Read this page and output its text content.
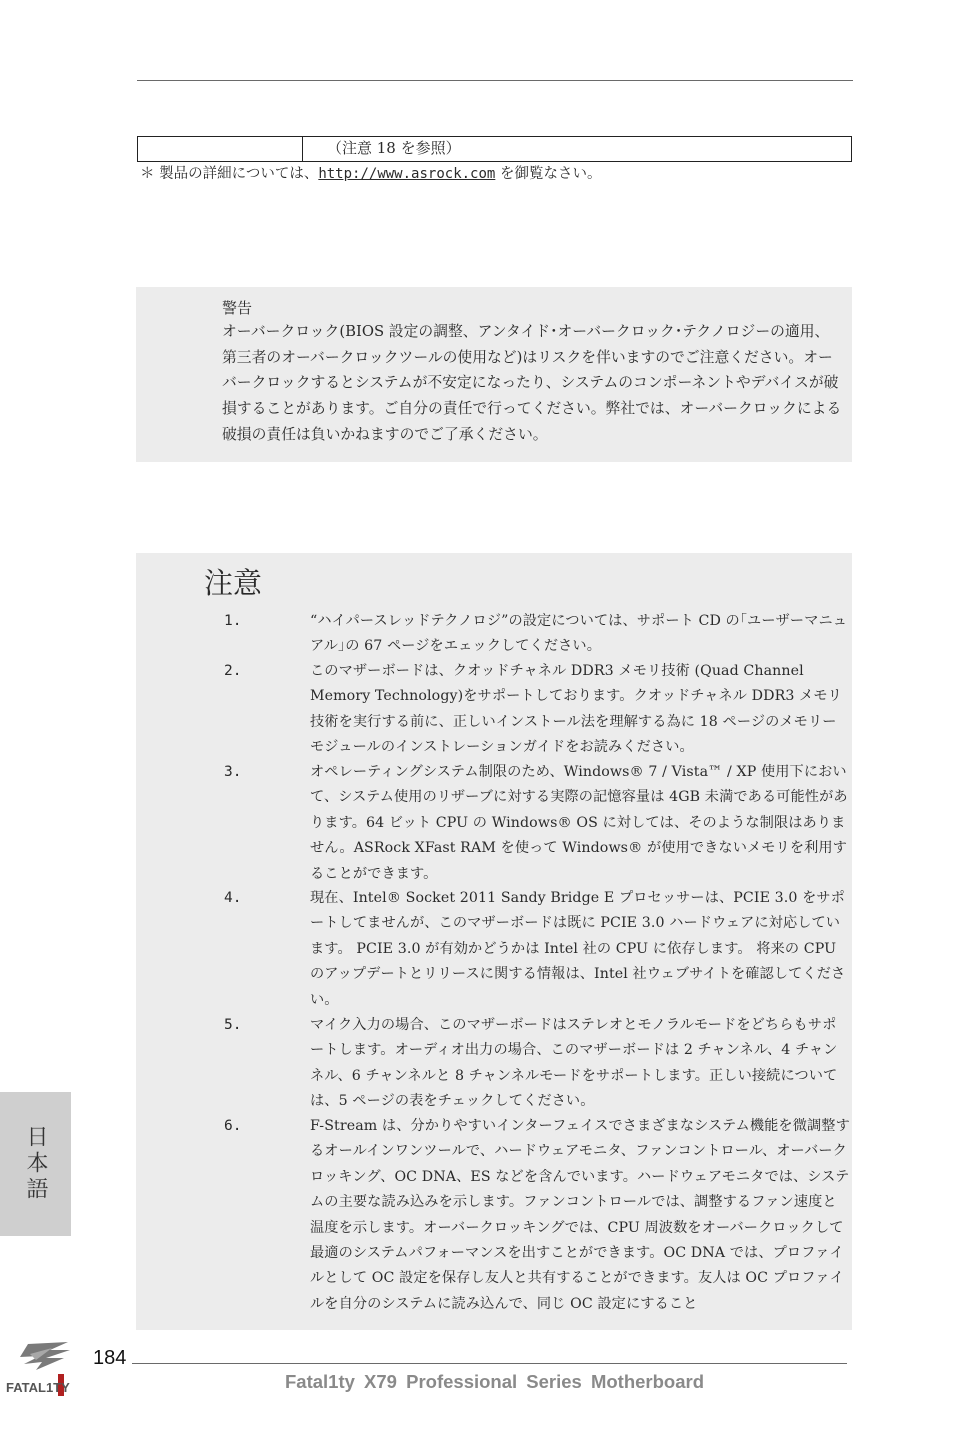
（注意 18 を参照）
＊ 製品の詳細については、http://www.asrock.com を御覧なさい。
警告

オーバークロック(BIOS 設定の調整、アンタイド･オーバークロック･テクノロジーの適用、第三者のオーバークロックツールの使用など)はリスクを伴いますのでご注意ください。オーバークロックするとシステムが不安定になったり、システムのコンポーネントやデバイスが破損することがあります。ご自分の責任で行ってください。弊社では、オーバークロックによる破損の責任は負いかねますのでご了承ください。

注意
1.	“ハイパースレッドテクノロジ”の設定については、サポート CD の｢ユーザーマニュアル｣の 67 ページをエェックしてください。

2.	このマザーボードは、クオッドチャネル DDR3 メモリ技術 (Quad Channel Memory Technology)をサポートしております。クオッドチャネル DDR3 メモリ技術を実行する前に、正しいインストール法を理解する為に 18 ページのメモリーモジュールのインストレーションガイドをお読みください。

3.	オペレーティングシステム制限のため、Windows® 7 / Vista™ / XP 使用下において、システム使用のリザーブに対する実際の記憶容量は 4GB 未満である可能性があります。64 ビット CPU の Windows® OS に対しては、そのような制限はありません。ASRock XFast RAM を使って Windows® が使用できないメモリを利用することができます。

4.	現在、Intel® Socket 2011 Sandy Bridge E プロセッサーは、PCIE 3.0 をサポートしてませんが、このマザーボードは既に PCIE 3.0 ハードウェアに対応しています。 PCIE 3.0 が有効かどうかは Intel 社の CPU に依存します。 将来の CPU のアップデートとリリースに関する情報は、Intel 社ウェブサイトを確認してください。

5.	マイク入力の場合、このマザーボードはステレオとモノラルモードをどちらもサポートします。オーディオ出力の場合、このマザーボードは 2 チャンネル、4 チャンネル、6 チャンネルと 8 チャンネルモードをサポートします。正しい接続については、5 ページの表をチェックしてください。

6.	F-Stream は、分かりやすいインターフェイスでさまざまなシステム機能を微調整するオールインワンツールで、ハードウェアモニタ、ファンコントロール、オーバークロッキング、OC DNA、ES などを含んでいます。ハードウェアモニタでは、システムの主要な読み込みを示します。ファンコントロールでは、調整するファン速度と温度を示します。オーバークロッキングでは、CPU 周波数をオーバークロックして最適のシステムパフォーマンスを出すことができます。OC DNA では、プロファイルとして OC 設定を保存し友人と共有することができます。友人は OC プロファイルを自分のシステムに読み込んで、同じ OC 設定にすること

日本語
FATAL1TY
184
Fatal1ty X79 Professional Series Motherboard
